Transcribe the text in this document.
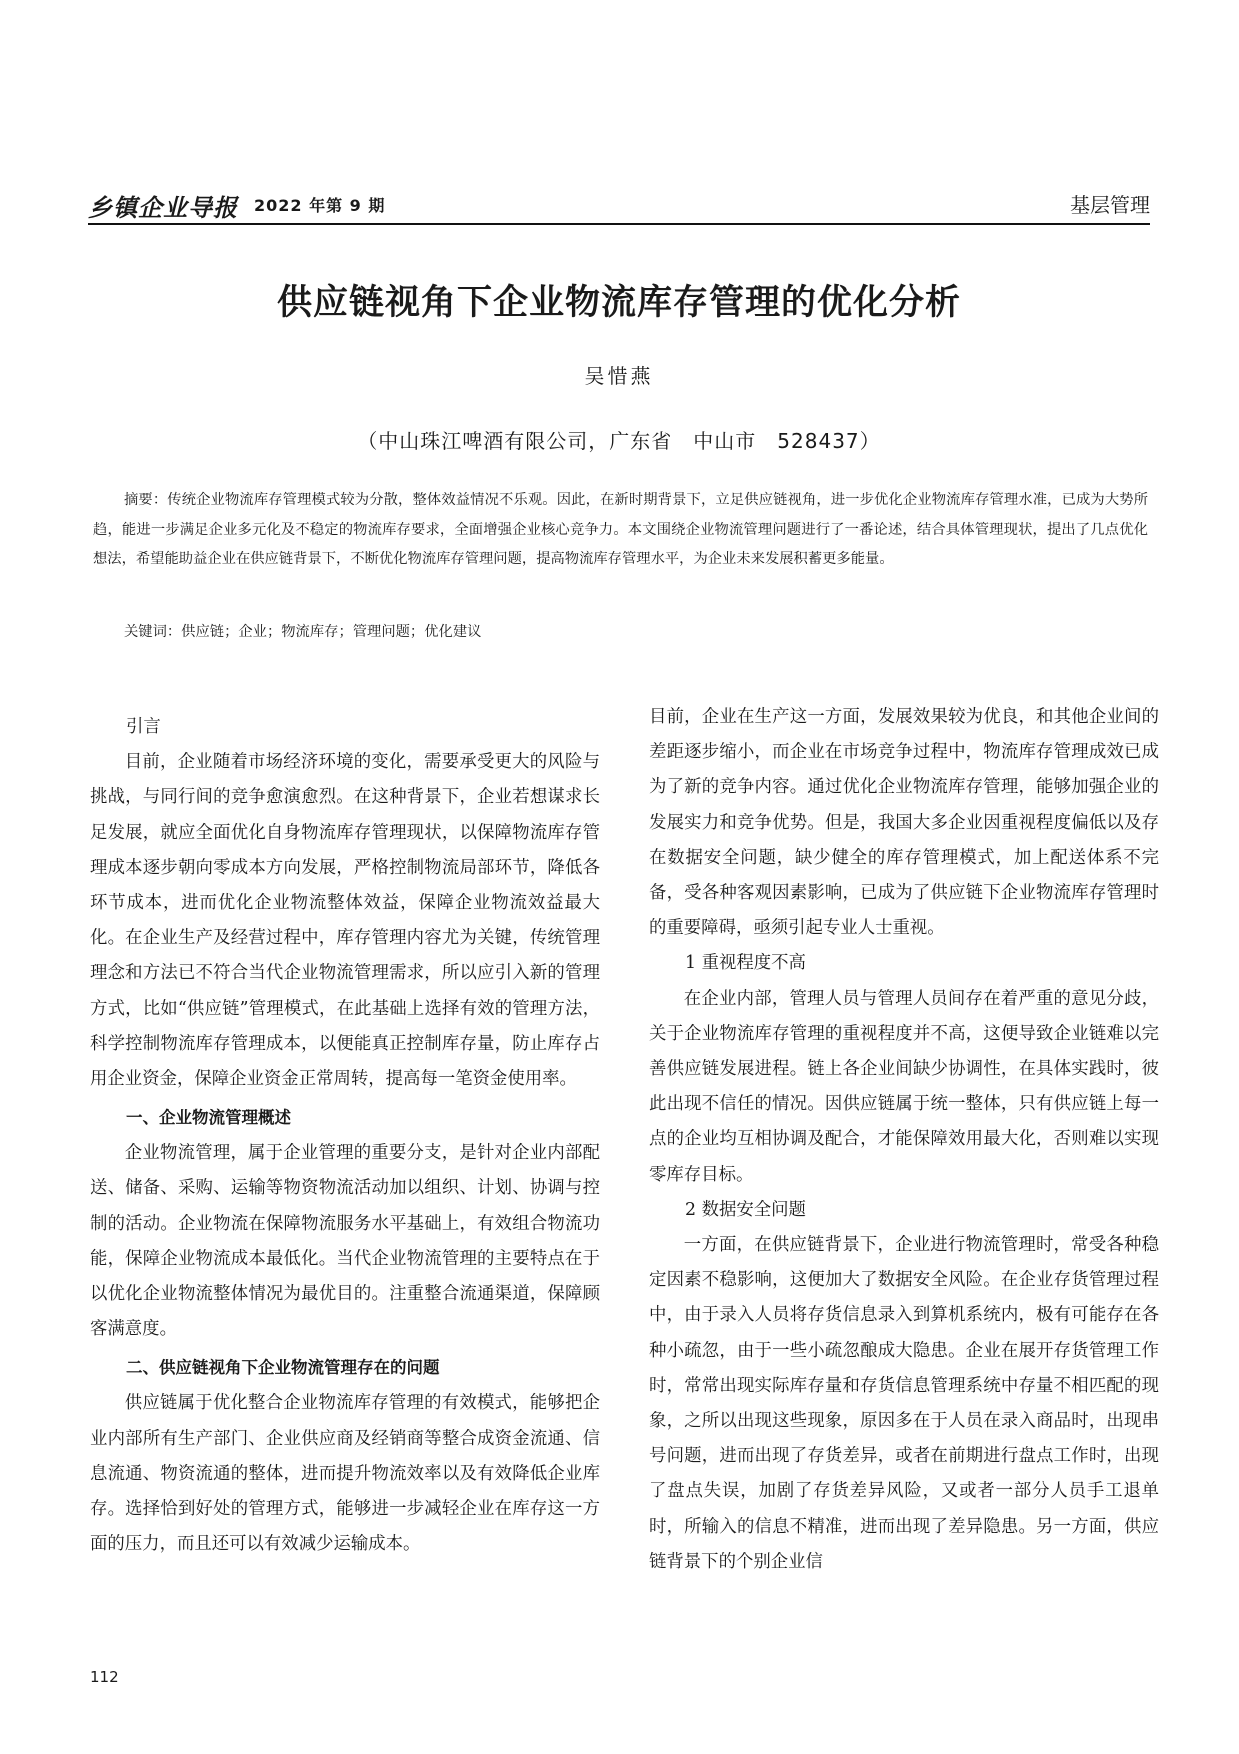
乡镇企业导报 2022 年第 9 期	基层管理
供应链视角下企业物流库存管理的优化分析
吴惜燕
（中山珠江啤酒有限公司，广东省　中山市　528437）

摘要：传统企业物流库存管理模式较为分散，整体效益情况不乐观。因此，在新时期背景下，立足供应链视角，进一步优化企业物流库存管理水准，已成为大势所趋，能进一步满足企业多元化及不稳定的物流库存要求，全面增强企业核心竞争力。本文围绕企业物流管理问题进行了一番论述，结合具体管理现状，提出了几点优化想法，希望能助益企业在供应链背景下，不断优化物流库存管理问题，提高物流库存管理水平，为企业未来发展积蓄更多能量。

关键词：供应链；企业；物流库存；管理问题；优化建议
引言

目前，企业随着市场经济环境的变化，需要承受更大的风险与挑战，与同行间的竞争愈演愈烈。在这种背景下，企业若想谋求长足发展，就应全面优化自身物流库存管理现状，以保障物流库存管理成本逐步朝向零成本方向发展，严格控制物流局部环节，降低各环节成本，进而优化企业物流整体效益，保障企业物流效益最大化。在企业生产及经营过程中，库存管理内容尤为关键，传统管理理念和方法已不符合当代企业物流管理需求，所以应引入新的管理方式，比如“供应链”管理模式，在此基础上选择有效的管理方法，科学控制物流库存管理成本，以便能真正控制库存量，防止库存占用企业资金，保障企业资金正常周转，提高每一笔资金使用率。

一、企业物流管理概述

企业物流管理，属于企业管理的重要分支，是针对企业内部配送、储备、采购、运输等物资物流活动加以组织、计划、协调与控制的活动。企业物流在保障物流服务水平基础上，有效组合物流功能，保障企业物流成本最低化。当代企业物流管理的主要特点在于以优化企业物流整体情况为最优目的。注重整合流通渠道，保障顾客满意度。

二、供应链视角下企业物流管理存在的问题

供应链属于优化整合企业物流库存管理的有效模式，能够把企业内部所有生产部门、企业供应商及经销商等整合成资金流通、信息流通、物资流通的整体，进而提升物流效率以及有效降低企业库存。选择恰到好处的管理方式，能够进一步减轻企业在库存这一方面的压力，而且还可以有效减少运输成本。

目前，企业在生产这一方面，发展效果较为优良，和其他企业间的差距逐步缩小，而企业在市场竞争过程中，物流库存管理成效已成为了新的竞争内容。通过优化企业物流库存管理，能够加强企业的发展实力和竞争优势。但是，我国大多企业因重视程度偏低以及存在数据安全问题，缺少健全的库存管理模式，加上配送体系不完备，受各种客观因素影响，已成为了供应链下企业物流库存管理时的重要障碍，亟须引起专业人士重视。

1 重视程度不高

在企业内部，管理人员与管理人员间存在着严重的意见分歧，关于企业物流库存管理的重视程度并不高，这便导致企业链难以完善供应链发展进程。链上各企业间缺少协调性，在具体实践时，彼此出现不信任的情况。因供应链属于统一整体，只有供应链上每一点的企业均互相协调及配合，才能保障效用最大化，否则难以实现零库存目标。

2 数据安全问题

一方面，在供应链背景下，企业进行物流管理时，常受各种稳定因素不稳影响，这便加大了数据安全风险。在企业存货管理过程中，由于录入人员将存货信息录入到算机系统内，极有可能存在各种小疏忽，由于一些小疏忽酿成大隐患。企业在展开存货管理工作时，常常出现实际库存量和存货信息管理系统中存量不相匹配的现象，之所以出现这些现象，原因多在于人员在录入商品时，出现串号问题，进而出现了存货差异，或者在前期进行盘点工作时，出现了盘点失误，加剧了存货差异风险，又或者一部分人员手工退单时，所输入的信息不精准，进而出现了差异隐患。另一方面，供应链背景下的个别企业信

112
